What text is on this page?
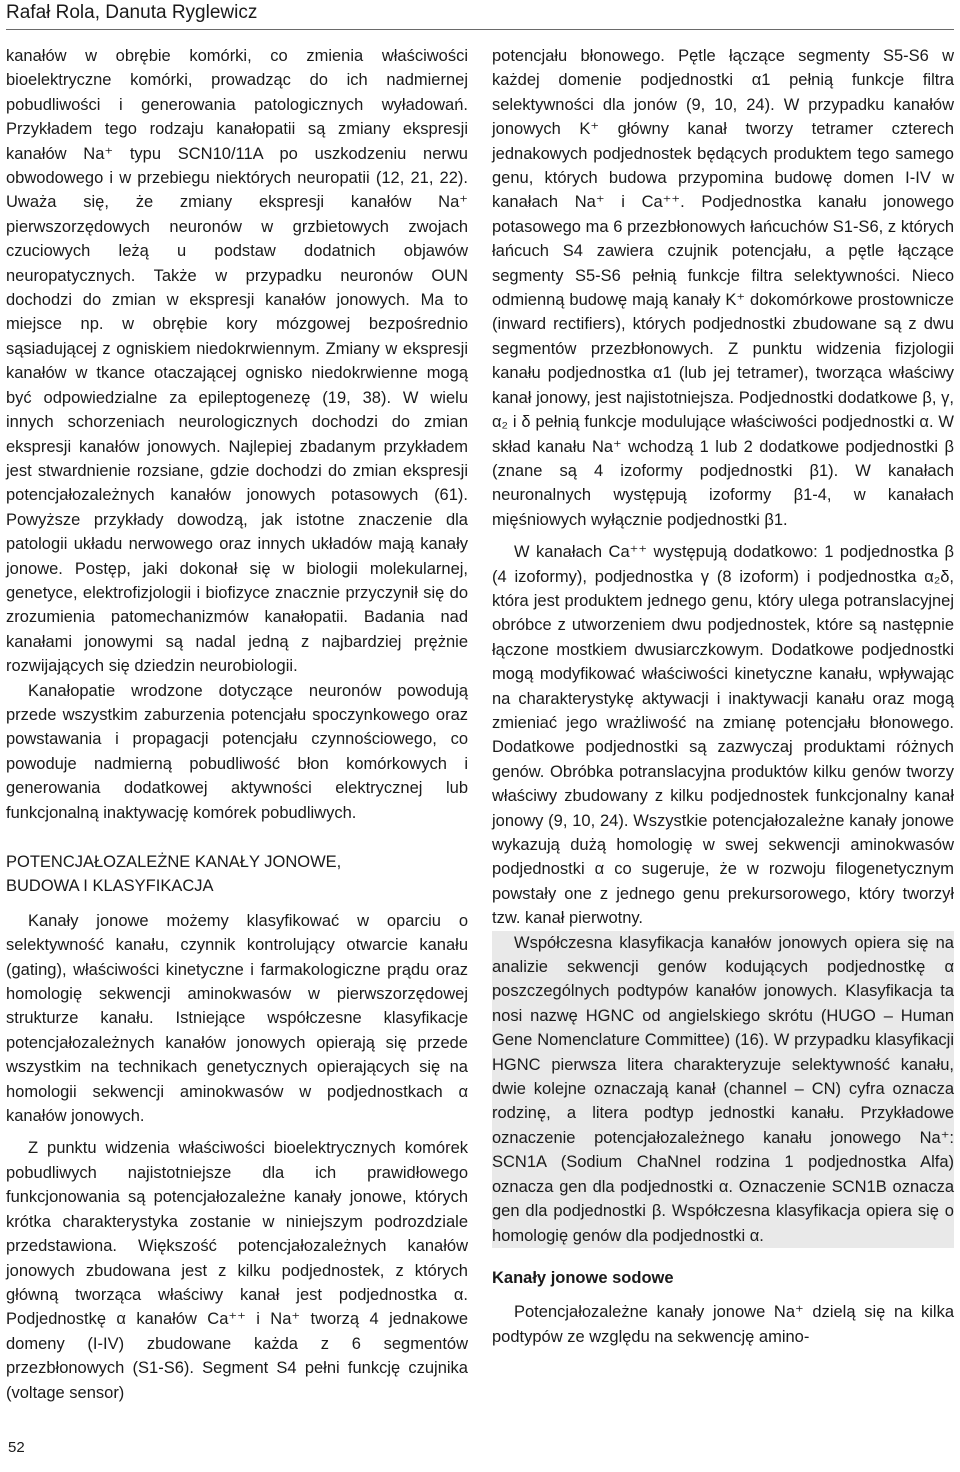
Rafał Rola, Danuta Ryglewicz

kanałów w obrębie komórki, co zmienia właściwości bioelektryczne komórki, prowadząc do ich nadmiernej pobudliwości i generowania patologicznych wyładowań. Przykładem tego rodzaju kanałopatii są zmiany ekspresji kanałów Na⁺ typu SCN10/11A po uszkodzeniu nerwu obwodowego i w przebiegu niektórych neuropatii (12, 21, 22). Uważa się, że zmiany ekspresji kanałów Na⁺ pierwszorzędowych neuronów w grzbietowych zwojach czuciowych leżą u podstaw dodatnich objawów neuropatycznych. Także w przypadku neuronów OUN dochodzi do zmian w ekspresji kanałów jonowych. Ma to miejsce np. w obrębie kory mózgowej bezpośrednio sąsiadującej z ogniskiem niedokrwiennym. Zmiany w ekspresji kanałów w tkance otaczającej ognisko niedokrwienne mogą być odpowiedzialne za epileptogenezę (19, 38). W wielu innych schorzeniach neurologicznych dochodzi do zmian ekspresji kanałów jonowych. Najlepiej zbadanym przykładem jest stwardnienie rozsiane, gdzie dochodzi do zmian ekspresji potencjałozależnych kanałów jonowych potasowych (61). Powyższe przykłady dowodzą, jak istotne znaczenie dla patologii układu nerwowego oraz innych układów mają kanały jonowe. Postęp, jaki dokonał się w biologii molekularnej, genetyce, elektrofizjologii i biofizyce znacznie przyczynił się do zrozumienia patomechanizmów kanałopatii. Badania nad kanałami jonowymi są nadal jedną z najbardziej prężnie rozwijających się dziedzin neurobiologii.

Kanałopatie wrodzone dotyczące neuronów powodują przede wszystkim zaburzenia potencjału spoczynkowego oraz powstawania i propagacji potencjału czynnościowego, co powoduje nadmierną pobudliwość błon komórkowych i generowania dodatkowej aktywności elektrycznej lub funkcjonalną inaktywację komórek pobudliwych.

POTENCJAŁOZALEŻNE KANAŁY JONOWE,
BUDOWA I KLASYFIKACJA

Kanały jonowe możemy klasyfikować w oparciu o selektywność kanału, czynnik kontrolujący otwarcie kanału (gating), właściwości kinetyczne i farmakologiczne prądu oraz homologię sekwencji aminokwasów w pierwszorzędowej strukturze kanału. Istniejące współczesne klasyfikacje potencjałozależnych kanałów jonowych opierają się przede wszystkim na technikach genetycznych opierających się na homologii sekwencji aminokwasów w podjednostkach α kanałów jonowych.

Z punktu widzenia właściwości bioelektrycznych komórek pobudliwych najistotniejsze dla ich prawidłowego funkcjonowania są potencjałozależne kanały jonowe, których krótka charakterystyka zostanie w niniejszym podrozdziale przedstawiona. Większość potencjałozależnych kanałów jonowych zbudowana jest z kilku podjednostek, z których główną tworząca właściwy kanał jest podjednostka α. Podjednostkę α kanałów Ca⁺⁺ i Na⁺ tworzą 4 jednakowe domeny (I-IV) zbudowane każda z 6 segmentów przezbłonowych (S1-S6). Segment S4 pełni funkcję czujnika (voltage sensor)

potencjału błonowego. Pętle łączące segmenty S5-S6 w każdej domenie podjednostki α1 pełnią funkcje filtra selektywności dla jonów (9, 10, 24). W przypadku kanałów jonowych K⁺ główny kanał tworzy tetramer czterech jednakowych podjednostek będących produktem tego samego genu, których budowa przypomina budowę domen I-IV w kanałach Na⁺ i Ca⁺⁺. Podjednostka kanału jonowego potasowego ma 6 przezbłonowych łańcuchów S1-S6, z których łańcuch S4 zawiera czujnik potencjału, a pętle łączące segmenty S5-S6 pełnią funkcje filtra selektywności. Nieco odmienną budowę mają kanały K⁺ dokomórkowe prostownicze (inward rectifiers), których podjednostki zbudowane są z dwu segmentów przezbłonowych. Z punktu widzenia fizjologii kanału podjednostka α1 (lub jej tetramer), tworząca właściwy kanał jonowy, jest najistotniejsza. Podjednostki dodatkowe β, γ, α₂ i δ pełnią funkcje modulujące właściwości podjednostki α. W skład kanału Na⁺ wchodzą 1 lub 2 dodatkowe podjednostki β (znane są 4 izoformy podjednostki β1). W kanałach neuronalnych występują izoformy β1-4, w kanałach mięśniowych wyłącznie podjednostki β1.

W kanałach Ca⁺⁺ występują dodatkowo: 1 podjednostka β (4 izoformy), podjednostka γ (8 izoform) i podjednostka α₂δ, która jest produktem jednego genu, który ulega potranslacyjnej obróbce z utworzeniem dwu podjednostek, które są następnie łączone mostkiem dwusiarczkowym. Dodatkowe podjednostki mogą modyfikować właściwości kinetyczne kanału, wpływając na charakterystykę aktywacji i inaktywacji kanału oraz mogą zmieniać jego wrażliwość na zmianę potencjału błonowego. Dodatkowe podjednostki są zazwyczaj produktami różnych genów. Obróbka potranslacyjna produktów kilku genów tworzy właściwy zbudowany z kilku podjednostek funkcjonalny kanał jonowy (9, 10, 24). Wszystkie potencjałozależne kanały jonowe wykazują dużą homologię w swej sekwencji aminokwasów podjednostki α co sugeruje, że w rozwoju filogenetycznym powstały one z jednego genu prekursorowego, który tworzył tzw. kanał pierwotny.

Współczesna klasyfikacja kanałów jonowych opiera się na analizie sekwencji genów kodujących podjednostkę α poszczególnych podtypów kanałów jonowych. Klasyfikacja ta nosi nazwę HGNC od angielskiego skrótu (HUGO – Human Gene Nomenclature Committee) (16). W przypadku klasyfikacji HGNC pierwsza litera charakteryzuje selektywność kanału, dwie kolejne oznaczają kanał (channel – CN) cyfra oznacza rodzinę, a litera podtyp jednostki kanału. Przykładowe oznaczenie potencjałozależnego kanału jonowego Na⁺: SCN1A (Sodium ChaNnel rodzina 1 podjednostka Alfa) oznacza gen dla podjednostki α. Oznaczenie SCN1B oznacza gen dla podjednostki β. Współczesna klasyfikacja opiera się o homologię genów dla podjednostki α.

Kanały jonowe sodowe

Potencjałozależne kanały jonowe Na⁺ dzielą się na kilka podtypów ze względu na sekwencję amino-

52
